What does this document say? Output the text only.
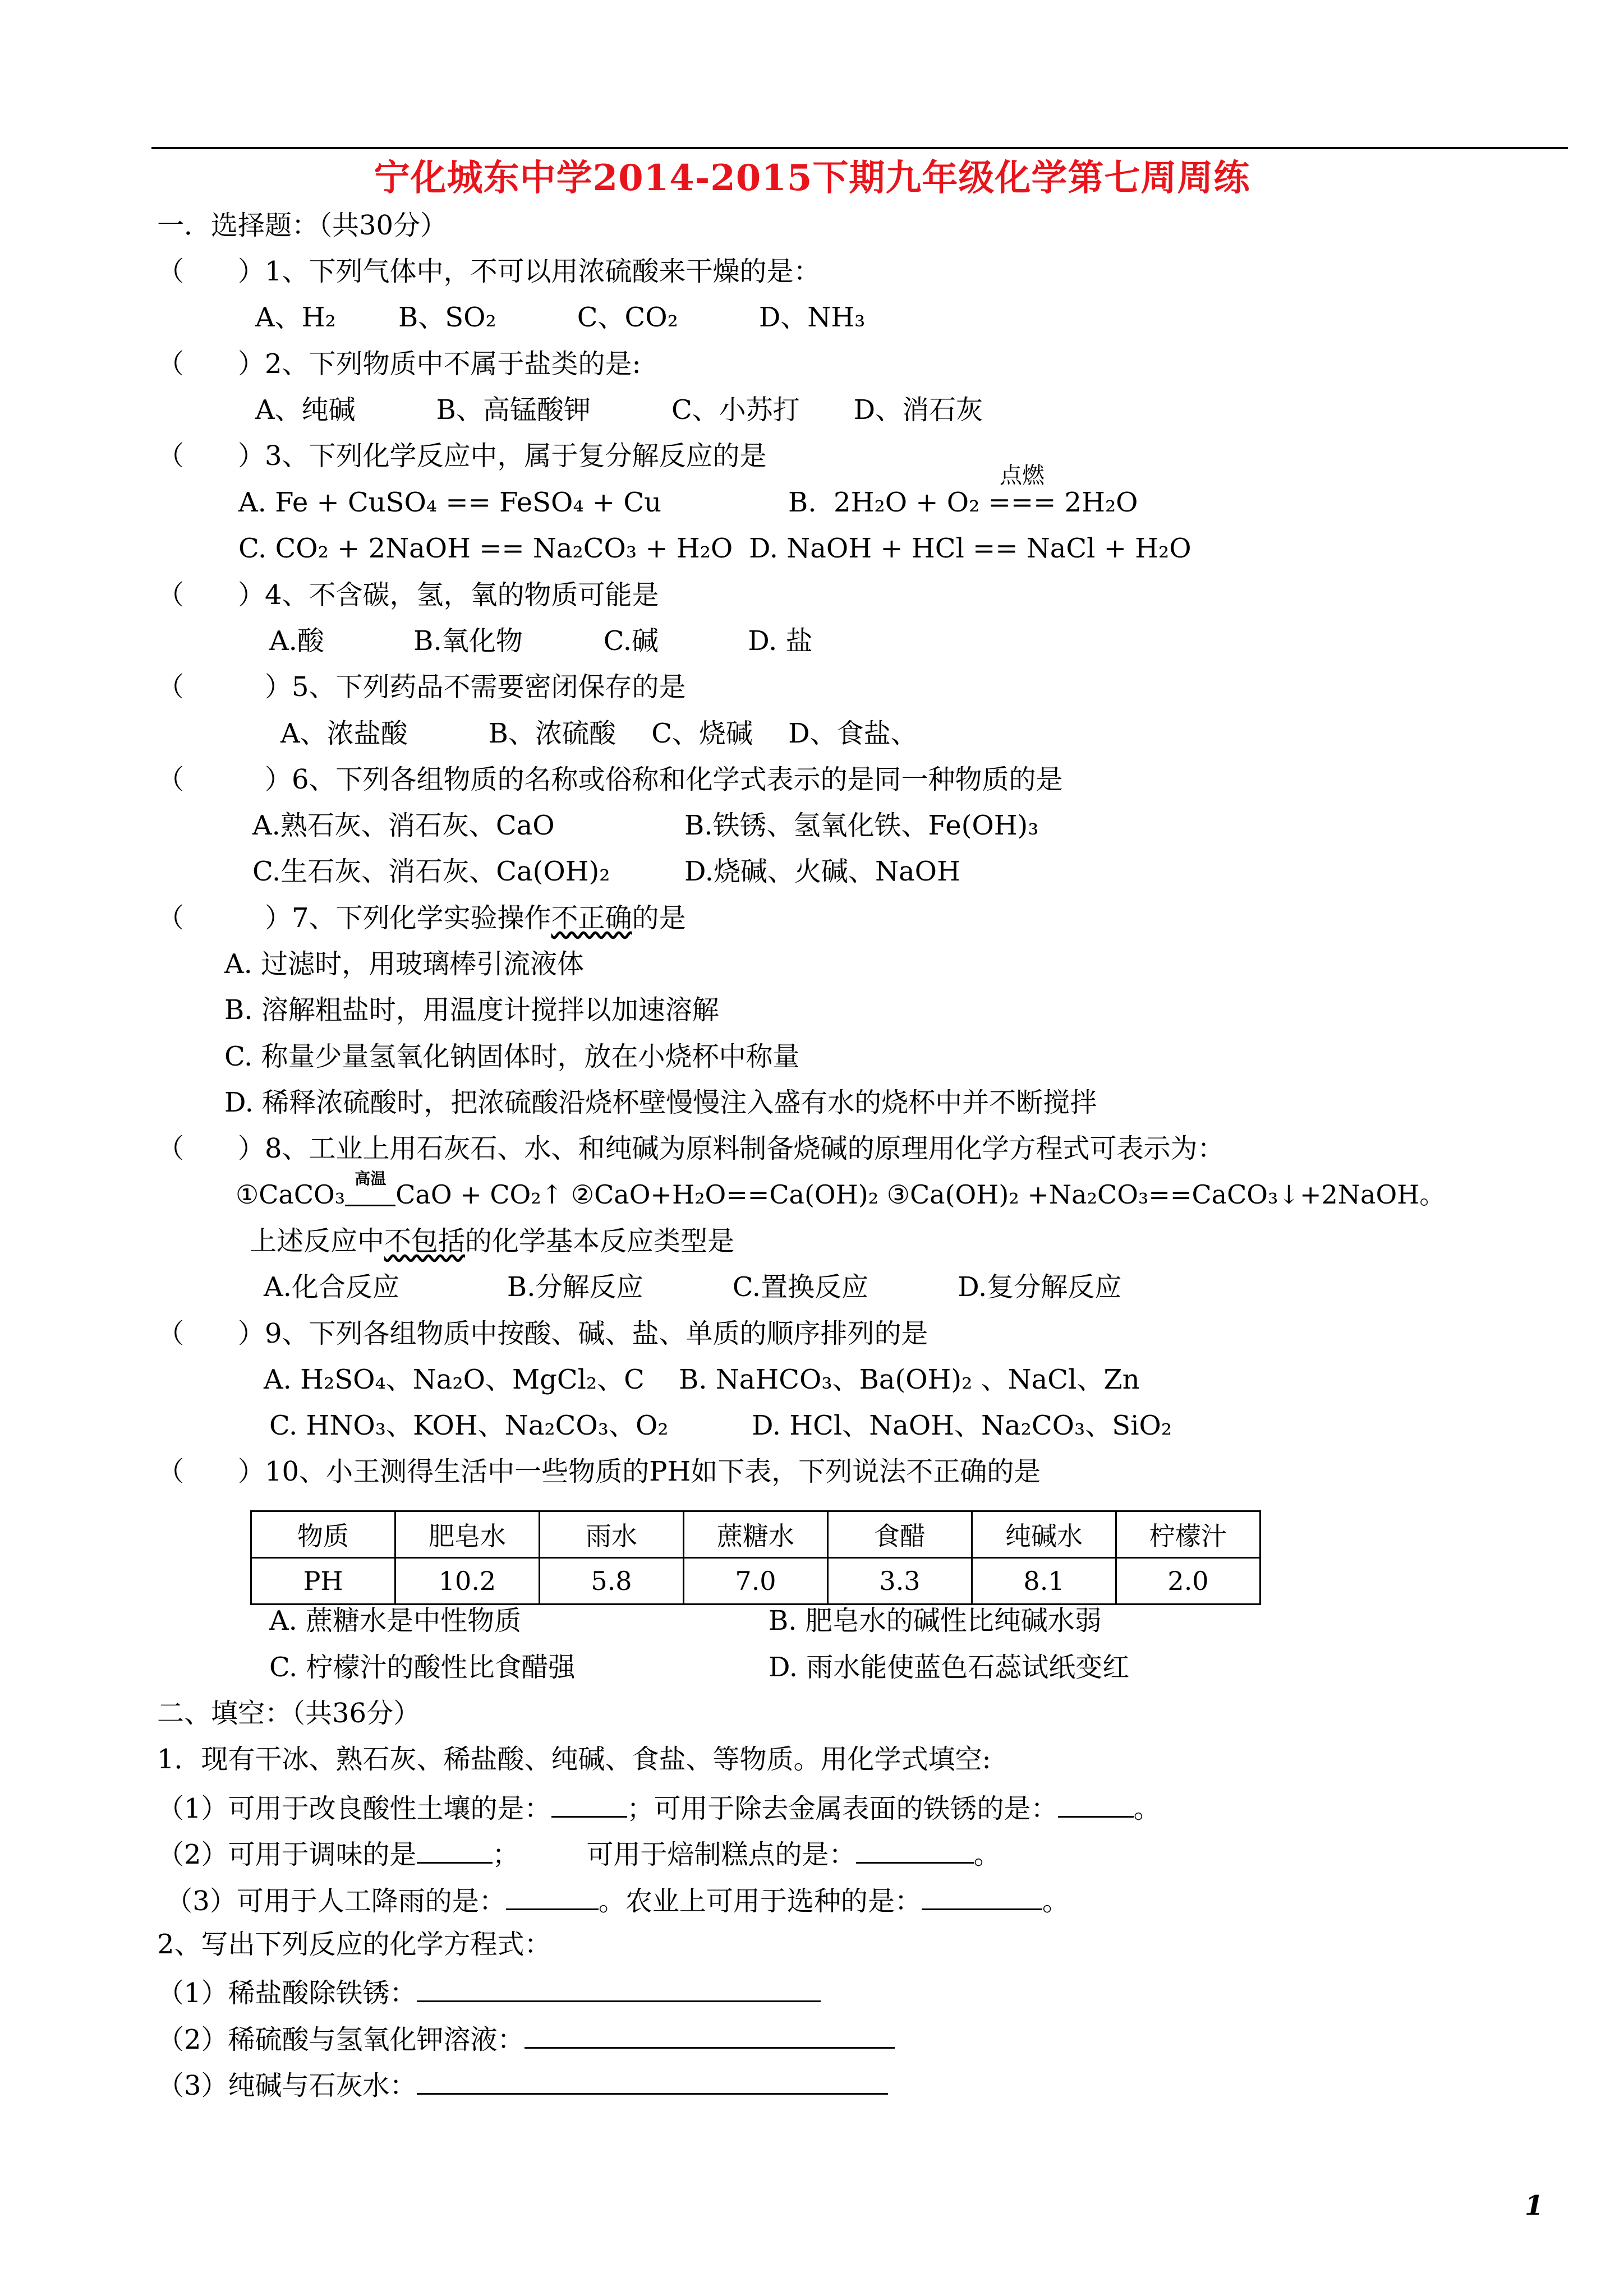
宁化城东中学2014-2015下期九年级化学第七周周练
一．选择题：（共30分）
（　　）1、下列气体中，不可以用浓硫酸来干燥的是：
A、H₂　　 B、SO₂　　　C、CO₂　　　D、NH₃
（　　）2、下列物质中不属于盐类的是:
A、纯碱　　　B、高锰酸钾　　　C、小苏打　　D、消石灰
（　　）3、下列化学反应中，属于复分解反应的是
A. Fe + CuSO₄ == FeSO₄ + Cu	B.  2H₂O + O₂
点燃
=== 2H₂O
C. CO₂ + 2NaOH == Na₂CO₃ + H₂O D. NaOH + HCl == NaCl + H₂O
（　　）4、不含碳，氢，氧的物质可能是
A.酸　　　 B.氧化物　　　C.碱　　　 D. 盐
（　　　）5、下列药品不需要密闭保存的是
A、浓盐酸　　　B、浓硫酸　 C、烧碱　 D、食盐、
（　　　）6、下列各组物质的名称或俗称和化学式表示的是同一种物质的是
A.熟石灰、消石灰、CaO	B.铁锈、氢氧化铁、Fe(OH)₃
C.生石灰、消石灰、Ca(OH)₂	D.烧碱、火碱、NaOH
（　　　）7、下列化学实验操作不正确的是
A. 过滤时，用玻璃棒引流液体
B. 溶解粗盐时，用温度计搅拌以加速溶解
C. 称量少量氢氧化钠固体时，放在小烧杯中称量
D. 稀释浓硫酸时，把浓硫酸沿烧杯壁慢慢注入盛有水的烧杯中并不断搅拌
（　　）8、工业上用石灰石、水、和纯碱为原料制备烧碱的原理用化学方程式可表示为：
①CaCO₃
高温
CaO + CO₂↑ ②CaO+H₂O==Ca(OH)₂ ③Ca(OH)₂ +Na₂CO₃==CaCO₃↓+2NaOH。
上述反应中不包括的化学基本反应类型是
A.化合反应　　　　B.分解反应　　　 C.置换反应　　　 D.复分解反应
（　　）9、下列各组物质中按酸、碱、盐、单质的顺序排列的是
A. H₂SO₄、Na₂O、MgCl₂、C B. NaHCO₃、Ba(OH)₂ 、NaCl、Zn
C. HNO₃、KOH、Na₂CO₃、O₂	D. HCl、NaOH、Na₂CO₃、SiO₂
（　　）10、小王测得生活中一些物质的PH如下表，下列说法不正确的是
物质	肥皂水	雨水	蔗糖水	食醋	纯碱水	柠檬汁
PH	10.2	5.8	7.0	3.3	8.1	2.0
A. 蔗糖水是中性物质	B. 肥皂水的碱性比纯碱水弱
C. 柠檬汁的酸性比食醋强	D. 雨水能使蓝色石蕊试纸变红
二、填空：（共36分）
1．现有干冰、熟石灰、稀盐酸、纯碱、食盐、等物质。用化学式填空:
（1）可用于改良酸性土壤的是：	；可用于除去金属表面的铁锈的是：	。
（2）可用于调味的是	；　　　可用于焙制糕点的是：	。
（3）可用于人工降雨的是：	。农业上可用于选种的是：	。
2、写出下列反应的化学方程式：
（1）稀盐酸除铁锈：
（2）稀硫酸与氢氧化钾溶液：
（3）纯碱与石灰水：
1
